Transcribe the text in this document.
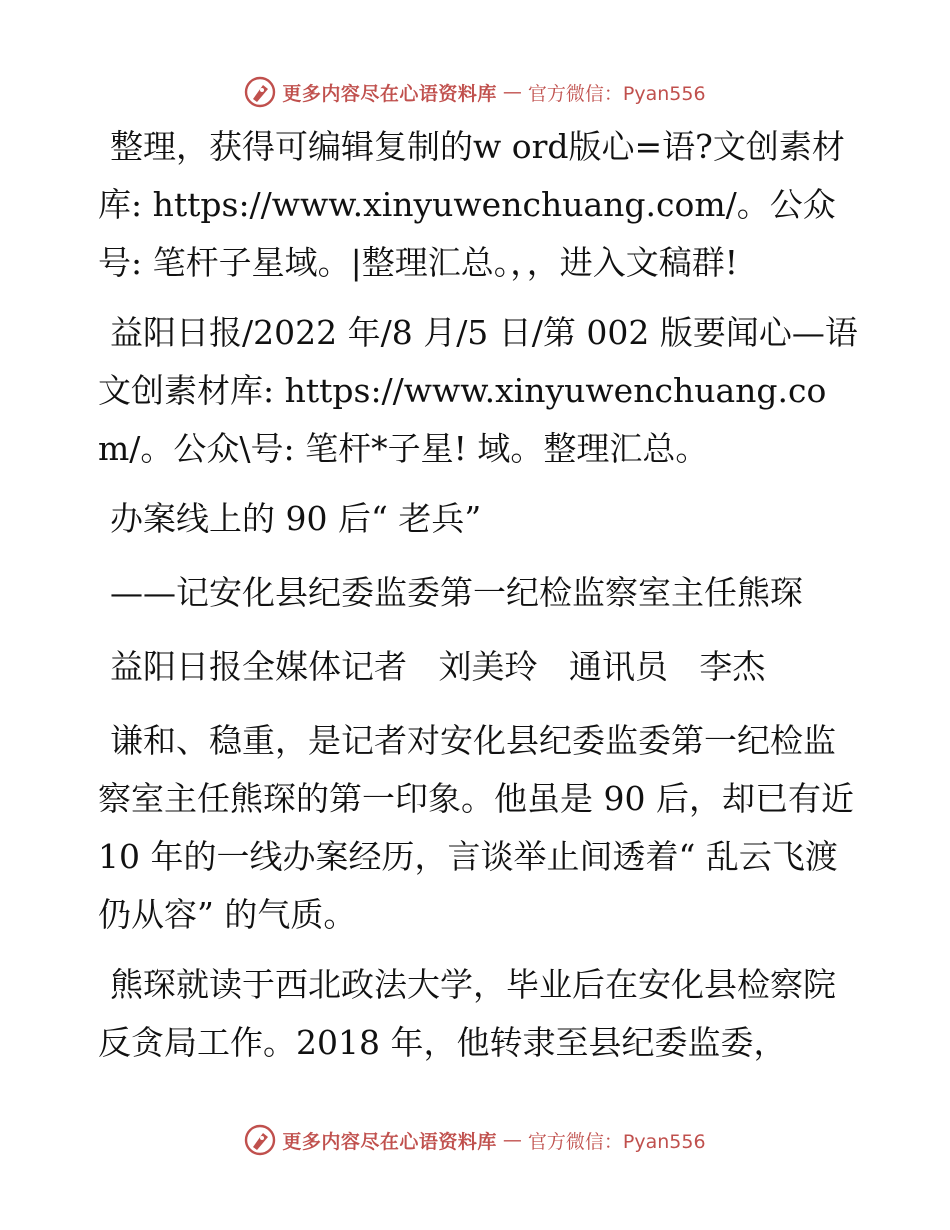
更多内容尽在心语资料库 — 官方微信：Pyan556

整理，获得可编辑复制的w ord版心=语?文创素材库: https://www.xinyuwenchuang.com/。公众号: 笔杆子星域。|整理汇总。，，进入文稿群!

益阳日报/2022 年/8 月/5 日/第 002 版要闻心—语文创素材库: https://www.xinyuwenchuang.com/。公众\号: 笔杆*子星! 域。整理汇总。

办案线上的 90 后“ 老兵”

——记安化县纪委监委第一纪检监察室主任熊琛

益阳日报全媒体记者   刘美玲   通讯员   李杰

谦和、稳重，是记者对安化县纪委监委第一纪检监察室主任熊琛的第一印象。他虽是 90 后，却已有近 10 年的一线办案经历，言谈举止间透着“ 乱云飞渡仍从容” 的气质。

熊琛就读于西北政法大学，毕业后在安化县检察院反贪局工作。2018 年，他转隶至县纪委监委，

更多内容尽在心语资料库 — 官方微信：Pyan556
